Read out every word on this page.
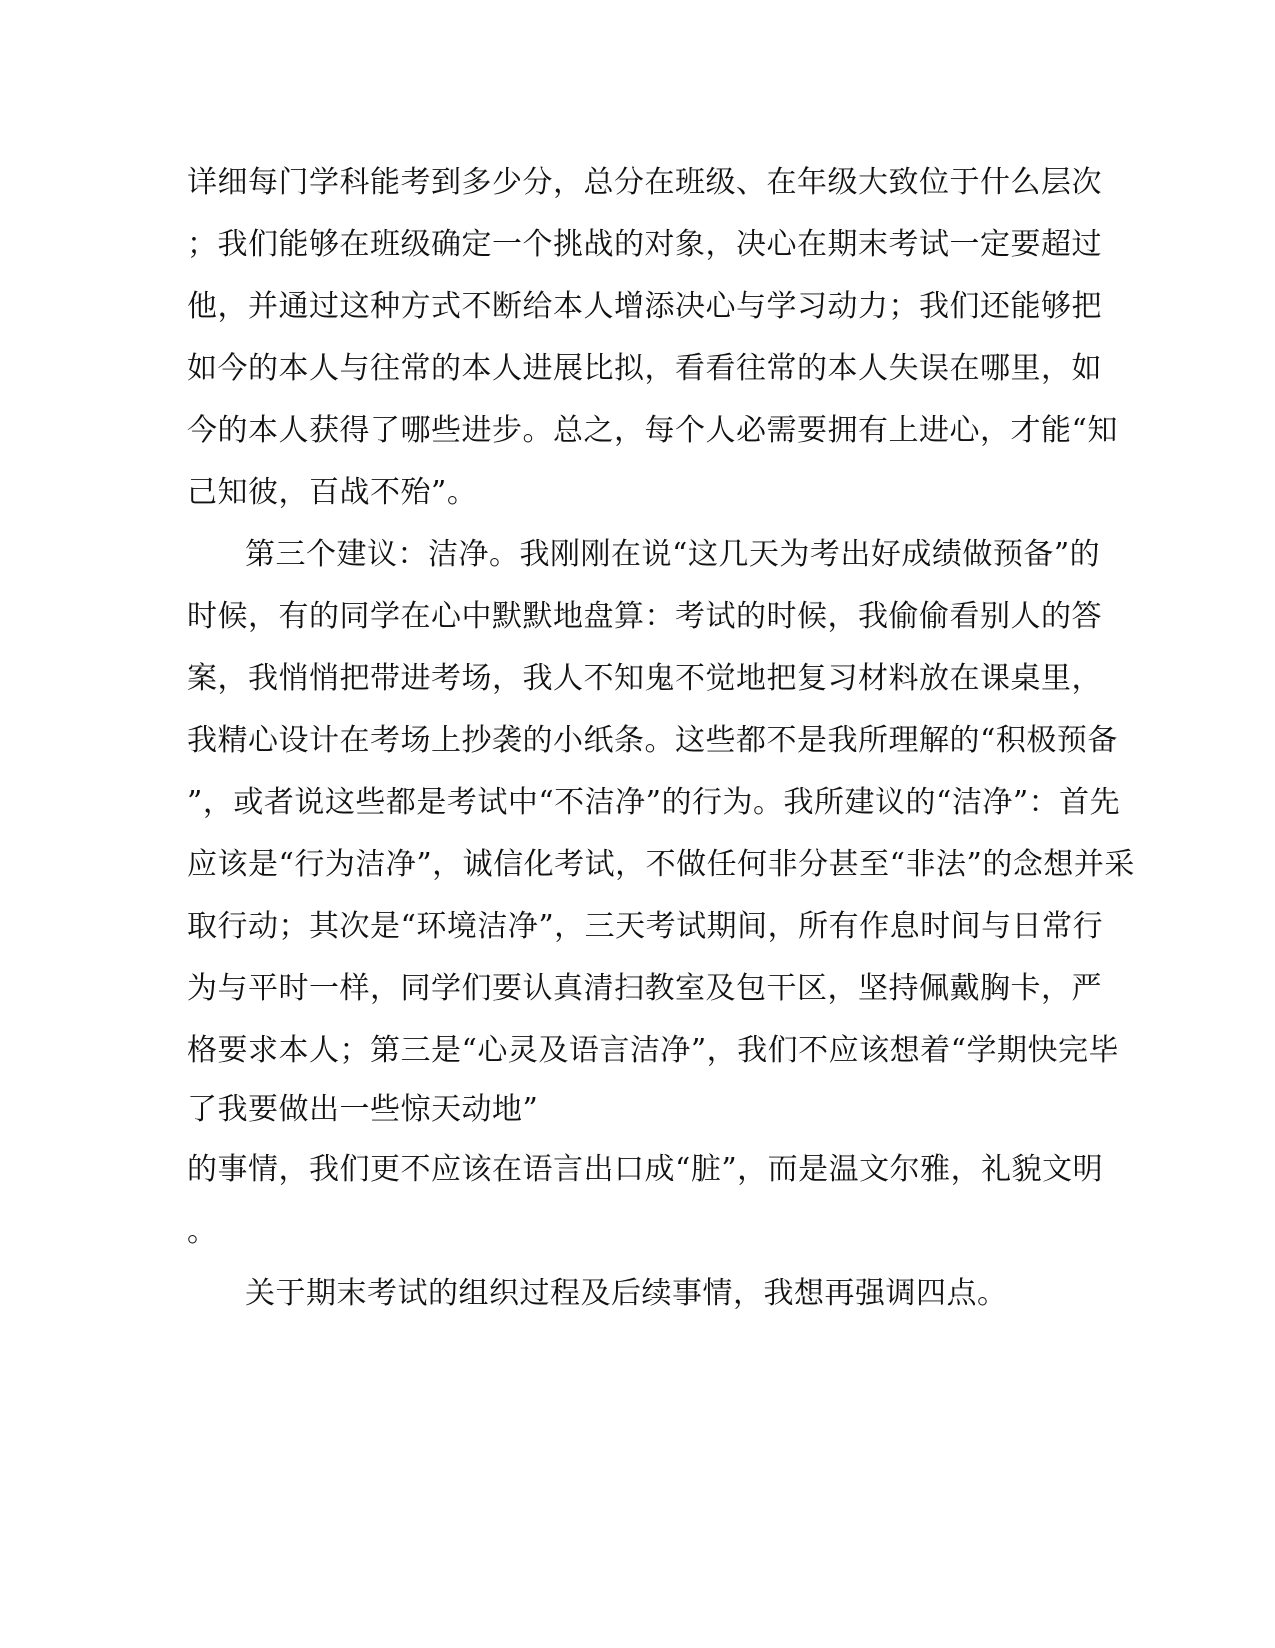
详细每门学科能考到多少分，总分在班级、在年级大致位于什么层次
；我们能够在班级确定一个挑战的对象，决心在期末考试一定要超过
他，并通过这种方式不断给本人增添决心与学习动力；我们还能够把
如今的本人与往常的本人进展比拟，看看往常的本人失误在哪里，如
今的本人获得了哪些进步。总之，每个人必需要拥有上进心，才能“知
己知彼，百战不殆”。
第三个建议：洁净。我刚刚在说“这几天为考出好成绩做预备”的
时候，有的同学在心中默默地盘算：考试的时候，我偷偷看别人的答
案，我悄悄把带进考场，我人不知鬼不觉地把复习材料放在课桌里，
我精心设计在考场上抄袭的小纸条。这些都不是我所理解的“积极预备
”，或者说这些都是考试中“不洁净”的行为。我所建议的“洁净”：首先
应该是“行为洁净”，诚信化考试，不做任何非分甚至“非法”的念想并采
取行动；其次是“环境洁净”，三天考试期间，所有作息时间与日常行
为与平时一样，同学们要认真清扫教室及包干区，坚持佩戴胸卡，严
格要求本人；第三是“心灵及语言洁净”，我们不应该想着“学期快完毕
了我要做出一些惊天动地”
的事情，我们更不应该在语言出口成“脏”，而是温文尔雅，礼貌文明
。
关于期末考试的组织过程及后续事情，我想再强调四点。
